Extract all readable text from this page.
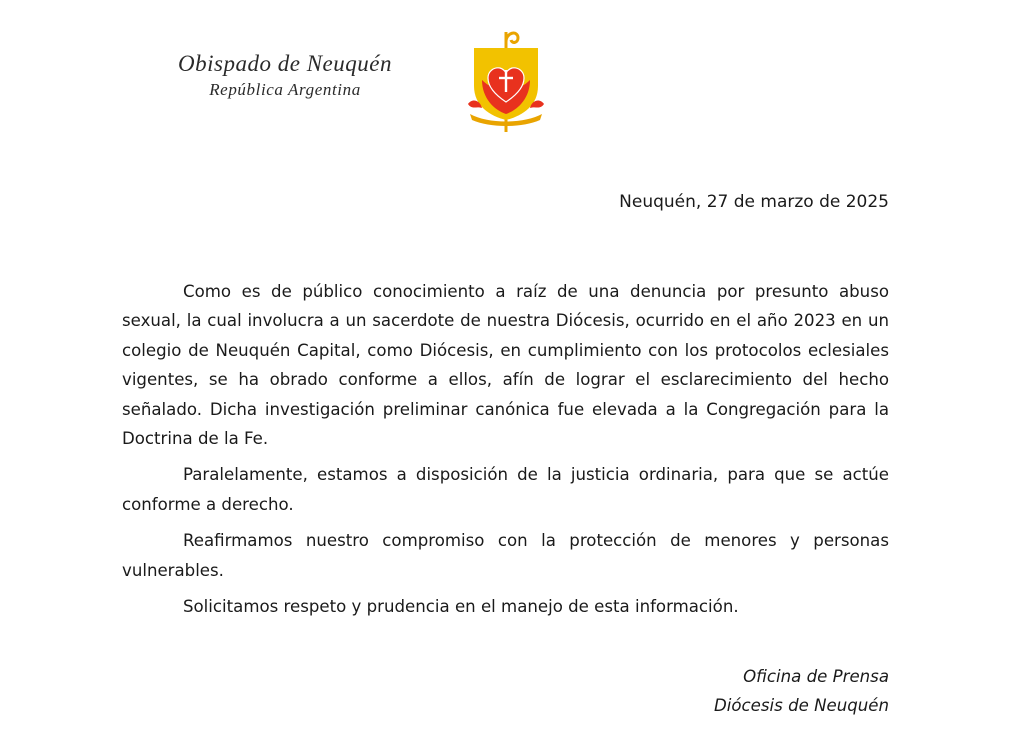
Obispado de Neuquén
República Argentina
Neuquén, 27 de marzo de 2025

Como es de público conocimiento a raíz de una denuncia por presunto abuso sexual, la cual involucra a un sacerdote de nuestra Diócesis, ocurrido en el año 2023 en un colegio de Neuquén Capital, como Diócesis, en cumplimiento con los protocolos eclesiales vigentes, se ha obrado conforme a ellos, afín de lograr el esclarecimiento del hecho señalado. Dicha investigación preliminar canónica fue elevada a la Congregación para la Doctrina de la Fe.

Paralelamente, estamos a disposición de la justicia ordinaria, para que se actúe conforme a derecho.

Reafirmamos nuestro compromiso con la protección de menores y personas vulnerables.

Solicitamos respeto y prudencia en el manejo de esta información.

Oficina de Prensa
Diócesis de Neuquén
